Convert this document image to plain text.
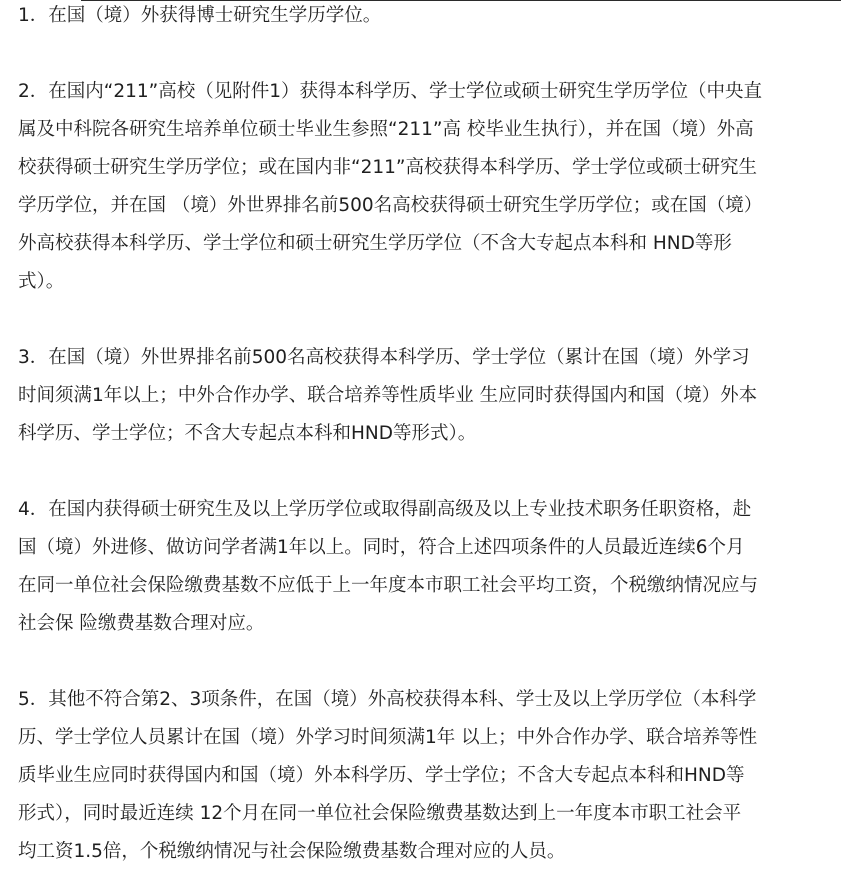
1．在国（境）外获得博士研究生学历学位。
2．在国内“211”高校（见附件1）获得本科学历、学士学位或硕士研究生学历学位（中央直
属及中科院各研究生培养单位硕士毕业生参照“211”高 校毕业生执行），并在国（境）外高
校获得硕士研究生学历学位；或在国内非“211”高校获得本科学历、学士学位或硕士研究生
学历学位，并在国 （境）外世界排名前500名高校获得硕士研究生学历学位；或在国（境）
外高校获得本科学历、学士学位和硕士研究生学历学位（不含大专起点本科和 HND等形
式）。
3．在国（境）外世界排名前500名高校获得本科学历、学士学位（累计在国（境）外学习
时间须满1年以上；中外合作办学、联合培养等性质毕业 生应同时获得国内和国（境）外本
科学历、学士学位；不含大专起点本科和HND等形式）。
4．在国内获得硕士研究生及以上学历学位或取得副高级及以上专业技术职务任职资格，赴
国（境）外进修、做访问学者满1年以上。同时，符合上述四项条件的人员最近连续6个月
在同一单位社会保险缴费基数不应低于上一年度本市职工社会平均工资，个税缴纳情况应与
社会保 险缴费基数合理对应。
5．其他不符合第2、3项条件，在国（境）外高校获得本科、学士及以上学历学位（本科学
历、学士学位人员累计在国（境）外学习时间须满1年 以上；中外合作办学、联合培养等性
质毕业生应同时获得国内和国（境）外本科学历、学士学位；不含大专起点本科和HND等
形式），同时最近连续 12个月在同一单位社会保险缴费基数达到上一年度本市职工社会平
均工资1.5倍，个税缴纳情况与社会保险缴费基数合理对应的人员。
